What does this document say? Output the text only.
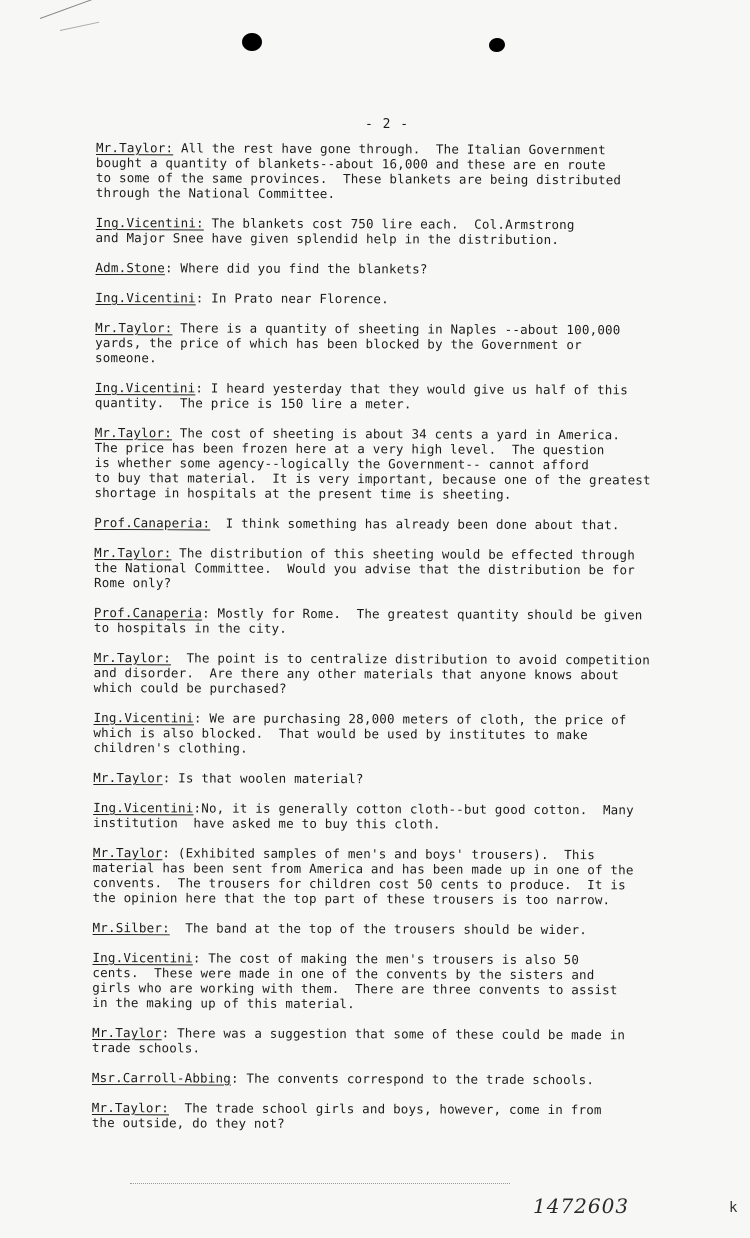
- 2 -

Mr.Taylor: All the rest have gone through.  The Italian Government
bought a quantity of blankets--about 16,000 and these are en route
to some of the same provinces.  These blankets are being distributed
through the National Committee.

Ing.Vicentini: The blankets cost 750 lire each.  Col.Armstrong
and Major Snee have given splendid help in the distribution.

Adm.Stone: Where did you find the blankets?

Ing.Vicentini: In Prato near Florence.

Mr.Taylor: There is a quantity of sheeting in Naples --about 100,000
yards, the price of which has been blocked by the Government or
someone.

Ing.Vicentini: I heard yesterday that they would give us half of this
quantity.  The price is 150 lire a meter.

Mr.Taylor: The cost of sheeting is about 34 cents a yard in America.
The price has been frozen here at a very high level.  The question
is whether some agency--logically the Government-- cannot afford
to buy that material.  It is very important, because one of the greatest
shortage in hospitals at the present time is sheeting.

Prof.Canaperia:  I think something has already been done about that.

Mr.Taylor: The distribution of this sheeting would be effected through
the National Committee.  Would you advise that the distribution be for
Rome only?

Prof.Canaperia: Mostly for Rome.  The greatest quantity should be given
to hospitals in the city.

Mr.Taylor:  The point is to centralize distribution to avoid competition
and disorder.  Are there any other materials that anyone knows about
which could be purchased?

Ing.Vicentini: We are purchasing 28,000 meters of cloth, the price of
which is also blocked.  That would be used by institutes to make
children's clothing.

Mr.Taylor: Is that woolen material?

Ing.Vicentini:No, it is generally cotton cloth--but good cotton.  Many
institution  have asked me to buy this cloth.

Mr.Taylor: (Exhibited samples of men's and boys' trousers).  This
material has been sent from America and has been made up in one of the
convents.  The trousers for children cost 50 cents to produce.  It is
the opinion here that the top part of these trousers is too narrow.

Mr.Silber:  The band at the top of the trousers should be wider.

Ing.Vicentini: The cost of making the men's trousers is also 50
cents.  These were made in one of the convents by the sisters and
girls who are working with them.  There are three convents to assist
in the making up of this material.

Mr.Taylor: There was a suggestion that some of these could be made in
trade schools.

Msr.Carroll-Abbing: The convents correspond to the trade schools.

Mr.Taylor:  The trade school girls and boys, however, come in from
the outside, do they not?

1472603	k
